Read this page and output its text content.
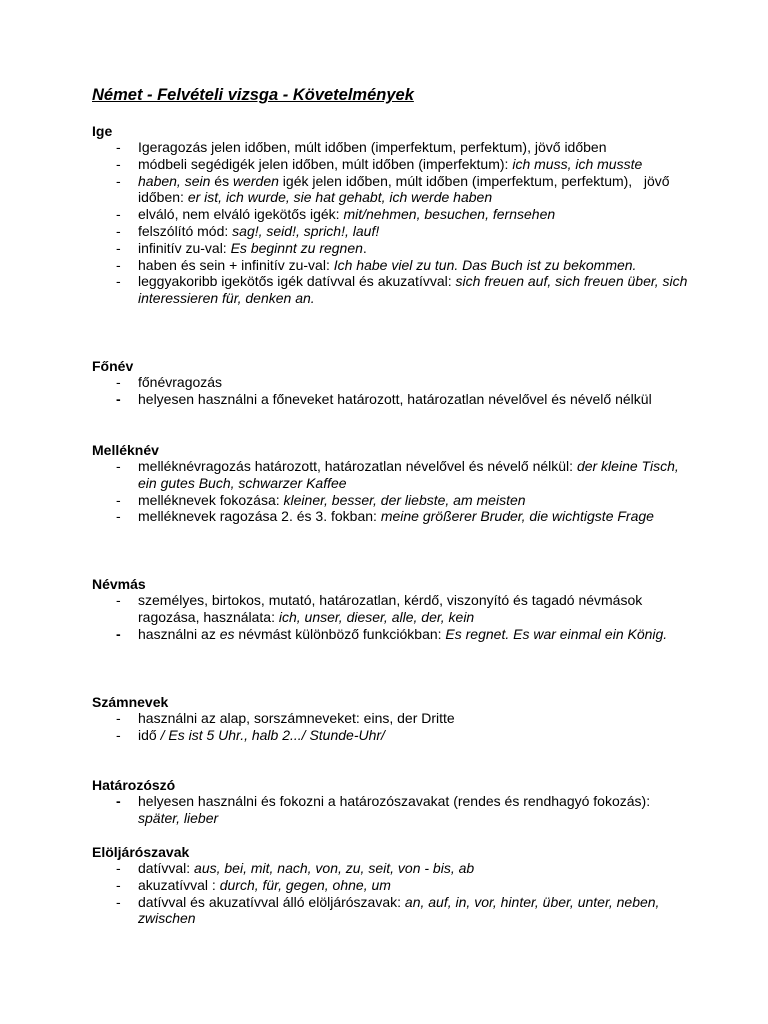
Német - Felvételi vizsga - Követelmények
Ige
- Igeragozás jelen időben, múlt időben (imperfektum, perfektum), jövő időben
- módbeli segédigék jelen időben, múlt időben (imperfektum): ich muss, ich musste
- haben, sein és werden igék jelen időben, múlt időben (imperfektum, perfektum),   jövő időben: er ist, ich wurde, sie hat gehabt, ich werde haben
- elváló, nem elváló igekötős igék: mit/nehmen, besuchen, fernsehen
- felszólító mód: sag!, seid!, sprich!, lauf!
- infinitív zu-val: Es beginnt zu regnen.
- haben és sein + infinitív zu-val: Ich habe viel zu tun. Das Buch ist zu bekommen.
- leggyakoribb igekötős igék datívval és akuzatívval: sich freuen auf, sich freuen über, sich interessieren für, denken an.
Főnév
- főnévragozás
- helyesen használni a főneveket határozott, határozatlan névelővel és névelő nélkül
Melléknév
- melléknévragozás határozott, határozatlan névelővel és névelő nélkül: der kleine Tisch, ein gutes Buch, schwarzer Kaffee
- melléknevek fokozása: kleiner, besser, der liebste, am meisten
- melléknevek ragozása 2. és 3. fokban: meine größerer Bruder, die wichtigste Frage
Névmás
- személyes, birtokos, mutató, határozatlan, kérdő, viszonyító és tagadó névmások ragozása, használata: ich, unser, dieser, alle, der, kein
- használni az es névmást különböző funkciókban: Es regnet. Es war einmal ein König.
Számnevek
- használni az alap, sorszámneveket: eins, der Dritte
- idő / Es ist 5 Uhr., halb 2.../ Stunde-Uhr/
Határozószó
- helyesen használni és fokozni a határozószavakat (rendes és rendhagyó fokozás): später, lieber
Elöljárószavak
- datívval: aus, bei, mit, nach, von, zu, seit, von - bis, ab
- akuzatívval : durch, für, gegen, ohne, um
- datívval és akuzatívval álló elöljárószavak: an, auf, in, vor, hinter, über, unter, neben, zwischen
